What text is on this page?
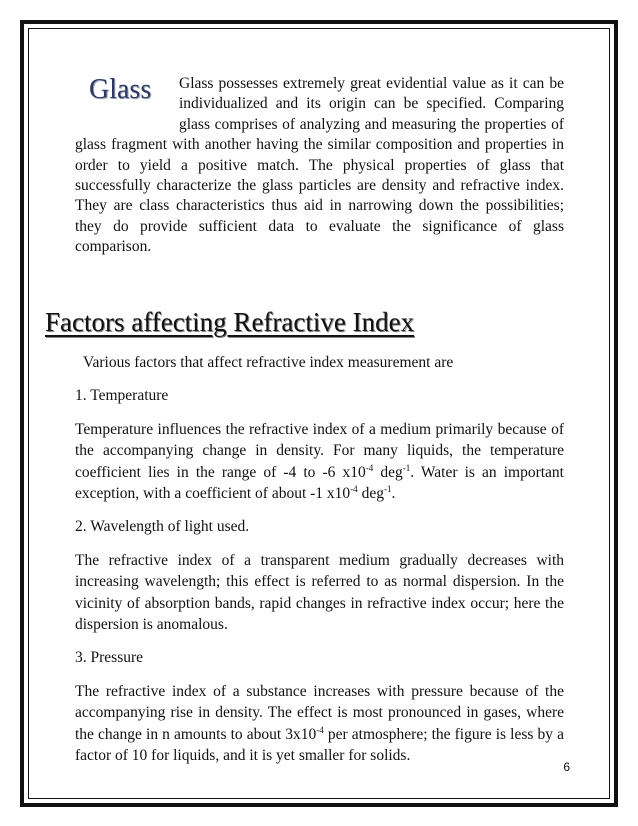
Glass	Glass possesses extremely great evidential value as it can be individualized and its origin can be specified. Comparing glass comprises of analyzing and measuring the properties of glass fragment with another having the similar composition and properties in order to yield a positive match. The physical properties of glass that successfully characterize the glass particles are density and refractive index. They are class characteristics thus aid in narrowing down the possibilities; they do provide sufficient data to evaluate the significance of glass comparison.
Factors affecting Refractive Index

Various factors that affect refractive index measurement are

1. Temperature

Temperature influences the refractive index of a medium primarily because of the accompanying change in density. For many liquids, the temperature coefficient lies in the range of -4 to -6 $x10^{-4}$ deg$^{-1}$. Water is an important exception, with a coefficient of about -1 $x10^{-4}$ deg$^{-1}$.

2. Wavelength of light used.

The refractive index of a transparent medium gradually decreases with increasing wavelength; this effect is referred to as normal dispersion. In the vicinity of absorption bands, rapid changes in refractive index occur; here the dispersion is anomalous.

3. Pressure

The refractive index of a substance increases with pressure because of the accompanying rise in density. The effect is most pronounced in gases, where the change in n amounts to about $3x10^{-4}$ per atmosphere; the figure is less by a factor of 10 for liquids, and it is yet smaller for solids.

6
